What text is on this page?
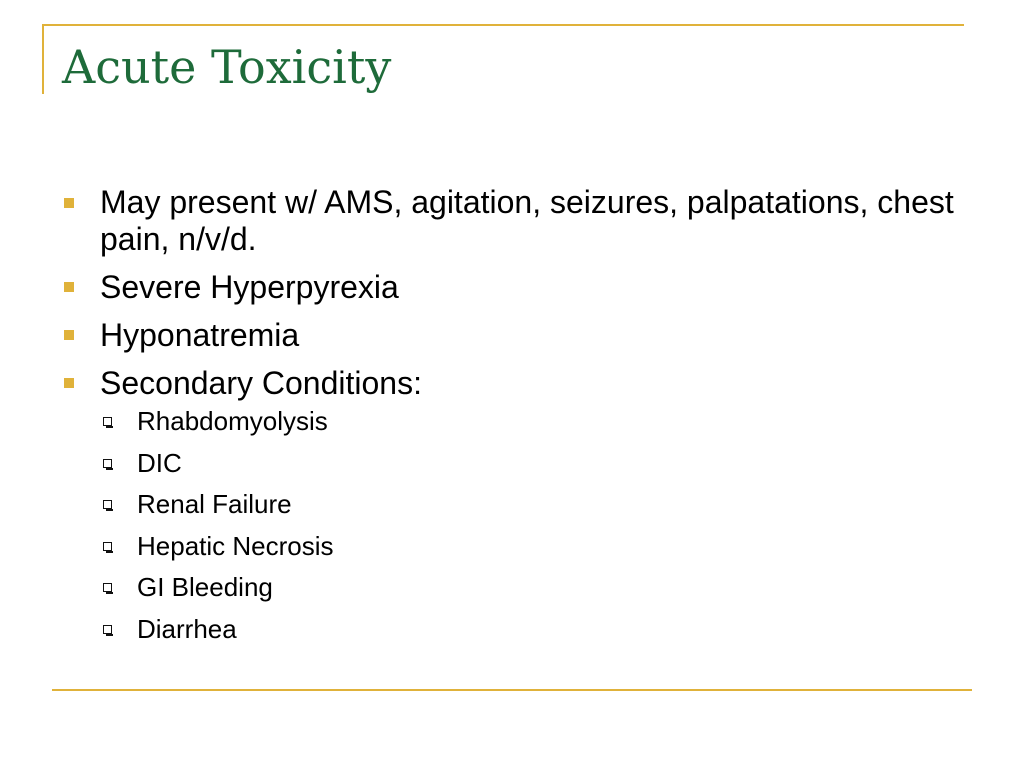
Acute Toxicity
May present w/ AMS, agitation, seizures, palpatations, chest pain, n/v/d.
Severe Hyperpyrexia
Hyponatremia
Secondary Conditions:
Rhabdomyolysis
DIC
Renal Failure
Hepatic Necrosis
GI Bleeding
Diarrhea
